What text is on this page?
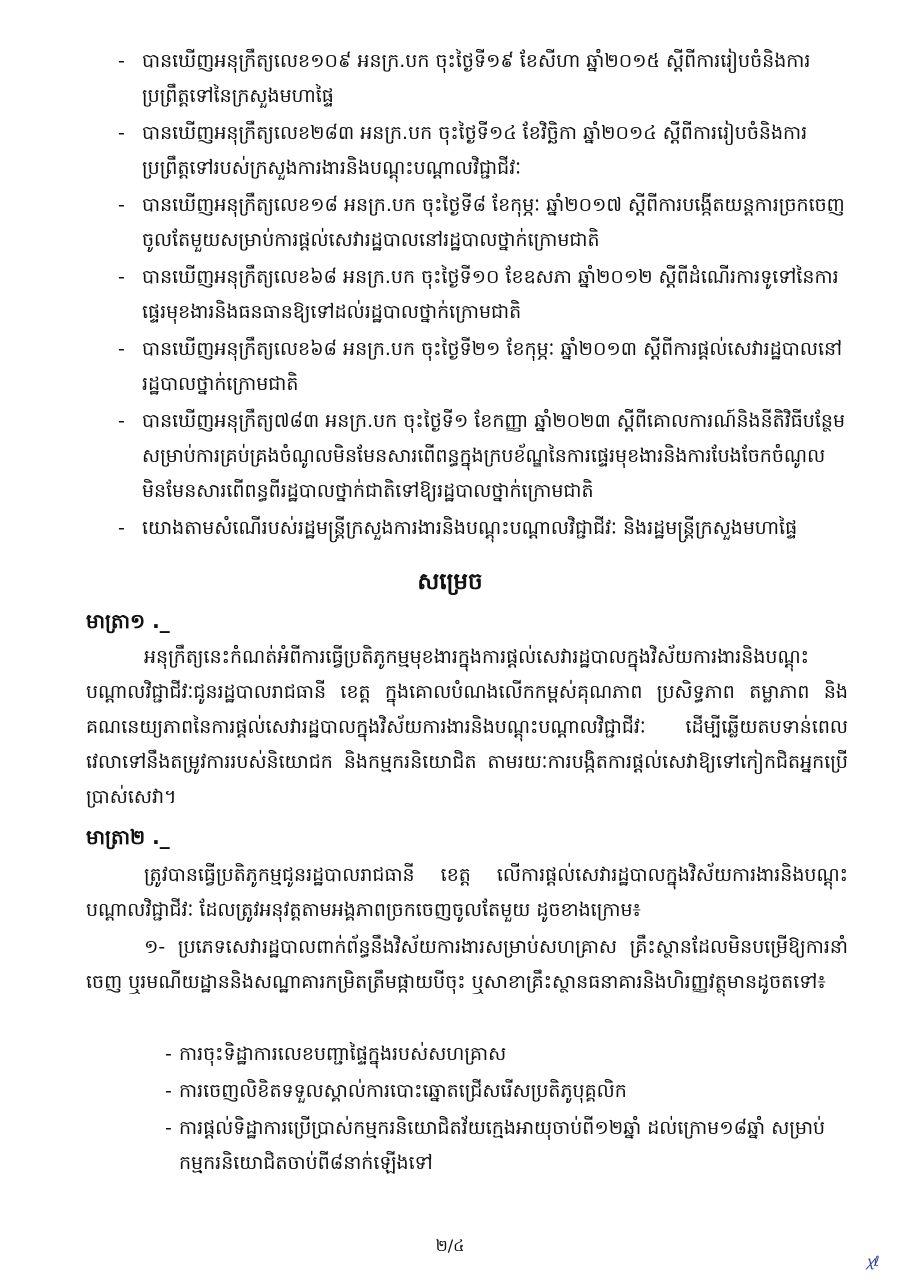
- បានឃើញអនុក្រឹត្យលេខ១០៩ អនក្រ.បក ចុះថ្ងៃទី១៩ ខែសីហា ឆ្នាំ២០១៥ ស្តីពីការរៀបចំនិងការប្រព្រឹត្តទៅនៃក្រសួងមហាផ្ទៃ
- បានឃើញអនុក្រឹត្យលេខ២៨៣ អនក្រ.បក ចុះថ្ងៃទី១៤ ខែវិច្ឆិកា ឆ្នាំ២០១៤ ស្តីពីការរៀបចំនិងការប្រព្រឹត្តទៅរបស់ក្រសួងការងារនិងបណ្តុះបណ្តាលវិជ្ជាជីវៈ
- បានឃើញអនុក្រឹត្យលេខ១៨ អនក្រ.បក ចុះថ្ងៃទី៨ ខែកុម្ភៈ ឆ្នាំ២០១៧ ស្តីពីការបង្កើតយន្តការច្រកចេញចូលតែមួយសម្រាប់ការផ្តល់សេវារដ្ឋបាលនៅរដ្ឋបាលថ្នាក់ក្រោមជាតិ
- បានឃើញអនុក្រឹត្យលេខ៦៨ អនក្រ.បក ចុះថ្ងៃទី១០ ខែឧសភា ឆ្នាំ២០១២ ស្តីពីដំណើរការទូទៅនៃការផ្ទេរមុខងារនិងធនធានឱ្យទៅដល់រដ្ឋបាលថ្នាក់ក្រោមជាតិ
- បានឃើញអនុក្រឹត្យលេខ៦៨ អនក្រ.បក ចុះថ្ងៃទី២១ ខែកុម្ភៈ ឆ្នាំ២០១៣ ស្តីពីការផ្តល់សេវារដ្ឋបាលនៅរដ្ឋបាលថ្នាក់ក្រោមជាតិ
- បានឃើញអនុក្រឹត្យ៧៨៣ អនក្រ.បក ចុះថ្ងៃទី១ ខែកញ្ញា ឆ្នាំ២០២៣ ស្តីពីគោលការណ៍និងនីតិវិធីបន្ថែមសម្រាប់ការគ្រប់គ្រងចំណូលមិនមែនសារពើពន្ធក្នុងក្របខ័ណ្ឌនៃការផ្ទេរមុខងារនិងការបែងចែកចំណូលមិនមែនសារពើពន្ធពីរដ្ឋបាលថ្នាក់ជាតិទៅឱ្យរដ្ឋបាលថ្នាក់ក្រោមជាតិ
- យោងតាមសំណើរបស់រដ្ឋមន្ត្រីក្រសួងការងារនិងបណ្តុះបណ្តាលវិជ្ជាជីវៈ និងរដ្ឋមន្ត្រីក្រសួងមហាផ្ទៃ
សម្រេច
មាត្រា១ ._
អនុក្រឹត្យនេះកំណត់អំពីការធ្វើប្រតិភូកម្មមុខងារក្នុងការផ្តល់សេវារដ្ឋបាលក្នុងវិស័យការងារនិងបណ្តុះបណ្តាលវិជ្ជាជីវៈជូនរដ្ឋបាលរាជធានី ខេត្ត ក្នុងគោលបំណងលើកកម្ពស់គុណភាព ប្រសិទ្ធភាព តម្លាភាព និងគណនេយ្យភាពនៃការផ្តល់សេវារដ្ឋបាលក្នុងវិស័យការងារនិងបណ្តុះបណ្តាលវិជ្ជាជីវៈ ដើម្បីឆ្លើយតបទាន់ពេលវេលាទៅនឹងតម្រូវការរបស់និយោជក និងកម្មករនិយោជិត តាមរយៈការបង្កិតការផ្តល់សេវាឱ្យទៅកៀកជិតអ្នកប្រើប្រាស់សេវា។
មាត្រា២ ._
ត្រូវបានធ្វើប្រតិភូកម្មជូនរដ្ឋបាលរាជធានី ខេត្ត លើការផ្តល់សេវារដ្ឋបាលក្នុងវិស័យការងារនិងបណ្តុះបណ្តាលវិជ្ជាជីវៈ ដែលត្រូវអនុវត្តតាមអង្គភាពច្រកចេញចូលតែមួយ ដូចខាងក្រោម៖
១- ប្រភេទសេវារដ្ឋបាលពាក់ព័ន្ធនឹងវិស័យការងារសម្រាប់សហគ្រាស គ្រឹះស្ថានដែលមិនបម្រើឱ្យការនាំចេញ ឬរមណីយដ្ឋាននិងសណ្ឋាគារកម្រិតត្រឹមផ្កាយបីចុះ ឬសាខាគ្រឹះស្ថានធនាគារនិងហិរញ្ញវត្ថុមានដូចតទៅ៖
- ការចុះទិដ្ឋាការលេខបញ្ជាផ្ទៃក្នុងរបស់សហគ្រាស
- ការចេញលិខិតទទួលស្គាល់ការបោះឆ្នោតជ្រើសរើសប្រតិភូបុគ្គលិក
- ការផ្តល់ទិដ្ឋាការប្រើប្រាស់កម្មករនិយោជិតវ័យក្មេងអាយុចាប់ពី១២ឆ្នាំ ដល់ក្រោម១៨ឆ្នាំ សម្រាប់កម្មករនិយោជិតចាប់ពី៨នាក់ឡើងទៅ
២/៤
ꭓℓ
